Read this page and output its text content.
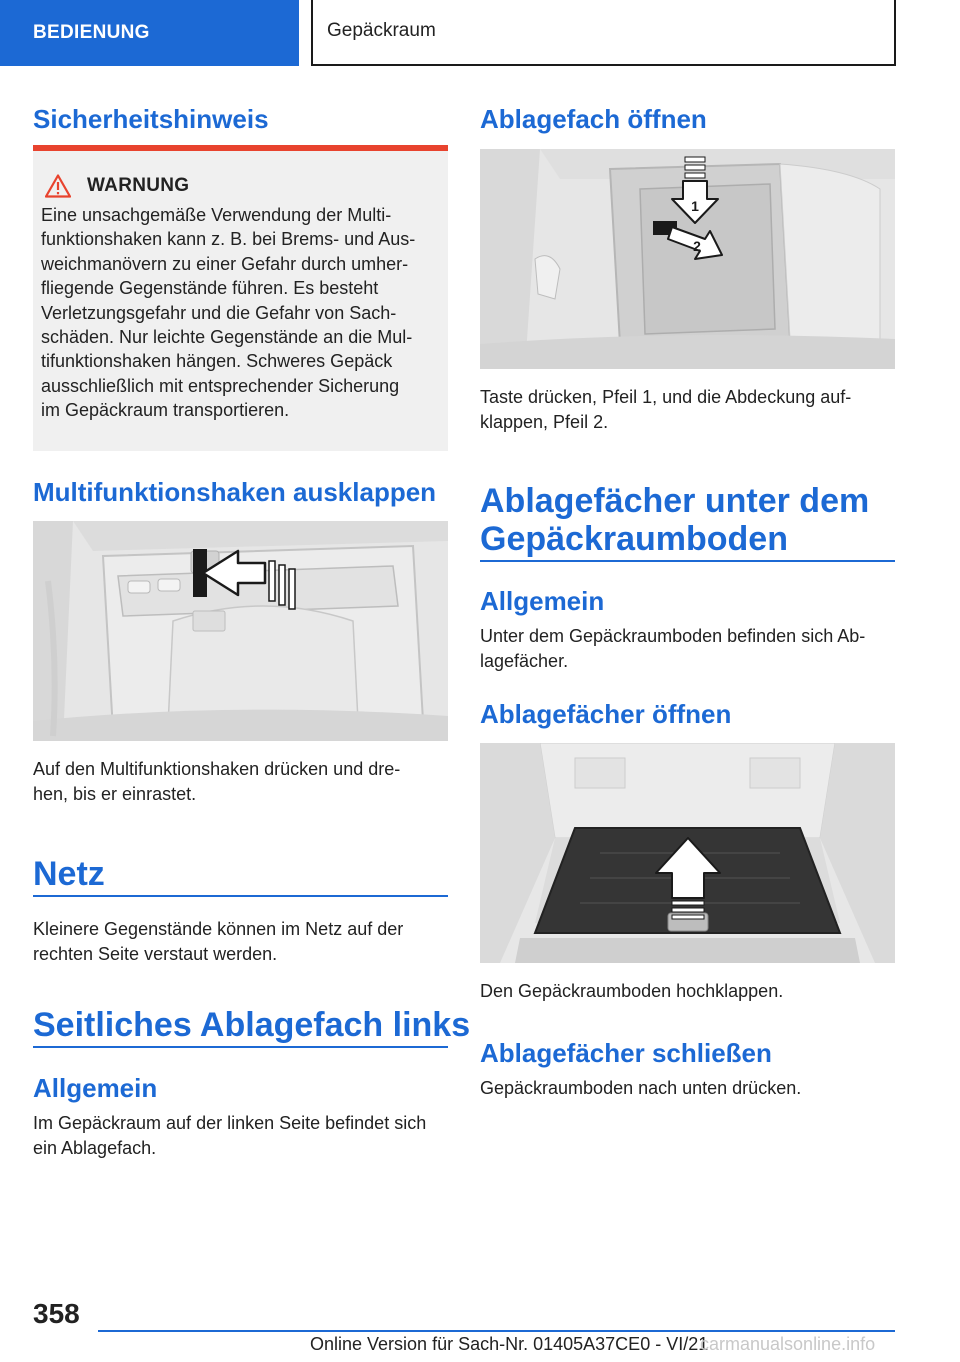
BEDIENUNG	Gepäckraum
Sicherheitshinweis
WARNUNG
Eine unsachgemäße Verwendung der Multi‐
funktionshaken kann z. B. bei Brems- und Aus‐
weichmanövern zu einer Gefahr durch umher‐
fliegende Gegenstände führen. Es besteht
Verletzungsgefahr und die Gefahr von Sach‐
schäden. Nur leichte Gegenstände an die Mul‐
tifunktionshaken hängen. Schweres Gepäck
ausschließlich mit entsprechender Sicherung
im Gepäckraum transportieren.
Multifunktionshaken ausklappen
Auf den Multifunktionshaken drücken und dre‐
hen, bis er einrastet.
Netz
Kleinere Gegenstände können im Netz auf der
rechten Seite verstaut werden.
Seitliches Ablagefach links
Allgemein
Im Gepäckraum auf der linken Seite befindet sich
ein Ablagefach.
Ablagefach öffnen
1
2
Taste drücken, Pfeil 1, und die Abdeckung auf‐
klappen, Pfeil 2.
Ablagefächer unter dem
Gepäckraumboden
Allgemein
Unter dem Gepäckraumboden befinden sich Ab‐
lagefächer.
Ablagefächer öffnen
Den Gepäckraumboden hochklappen.
Ablagefächer schließen
Gepäckraumboden nach unten drücken.
358
Online Version für Sach-Nr. 01405A37CE0 - VI/21
carmanualsonline.info
